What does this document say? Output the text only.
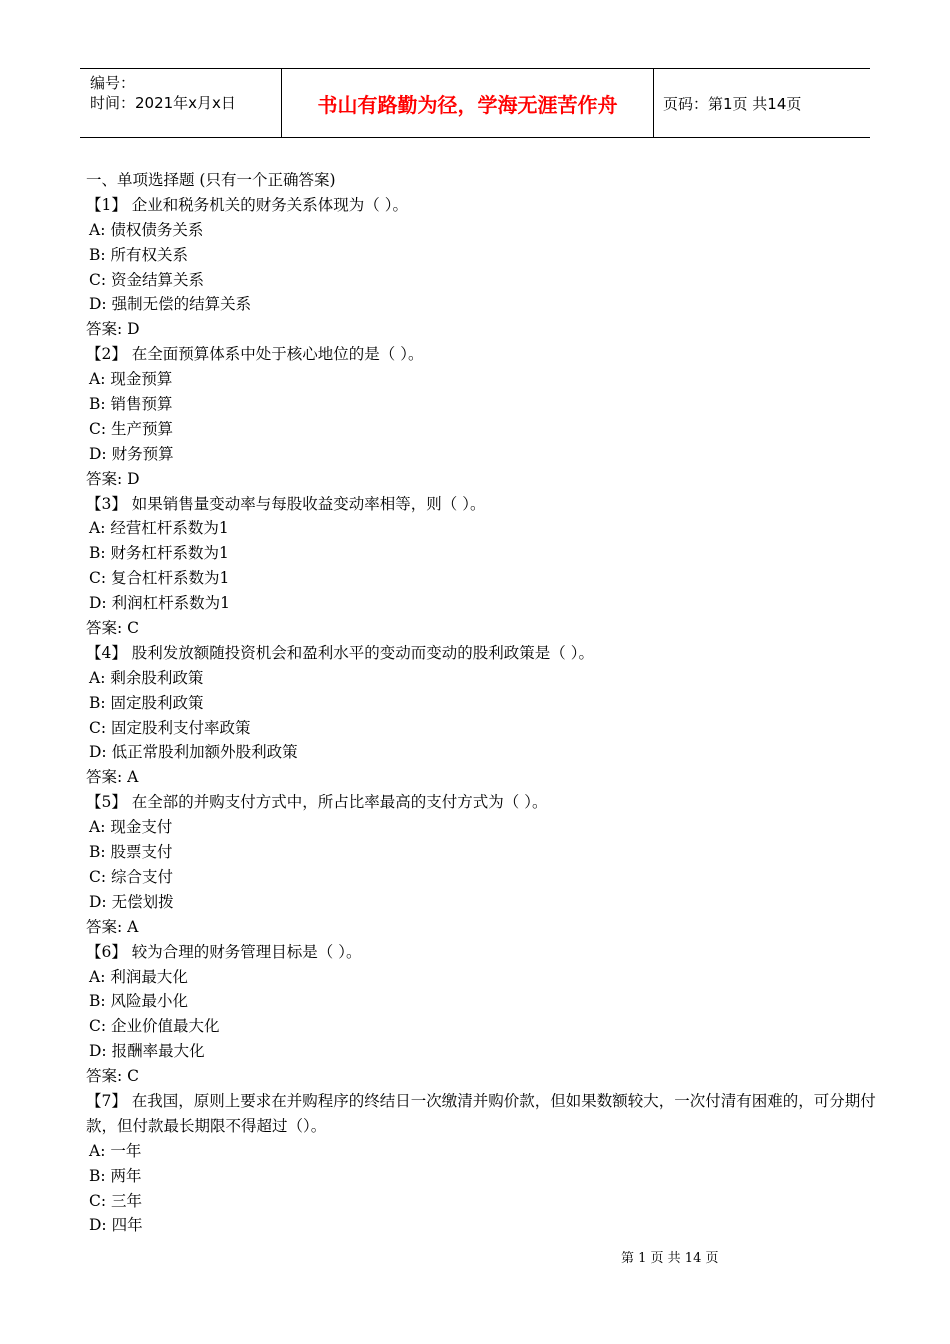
编号：
时间：2021年x月x日	书山有路勤为径，学海无涯苦作舟	页码：第1页 共14页
一、单项选择题 (只有一个正确答案)
【1】 企业和税务机关的财务关系体现为（ ）。
A: 债权债务关系
B: 所有权关系
C: 资金结算关系
D: 强制无偿的结算关系
答案: D
【2】 在全面预算体系中处于核心地位的是（ ）。
A: 现金预算
B: 销售预算
C: 生产预算
D: 财务预算
答案: D
【3】 如果销售量变动率与每股收益变动率相等，则（ ）。
A: 经营杠杆系数为1
B: 财务杠杆系数为1
C: 复合杠杆系数为1
D: 利润杠杆系数为1
答案: C
【4】 股利发放额随投资机会和盈利水平的变动而变动的股利政策是（ ）。
A: 剩余股利政策
B: 固定股利政策
C: 固定股利支付率政策
D: 低正常股利加额外股利政策
答案: A
【5】 在全部的并购支付方式中，所占比率最高的支付方式为（ ）。
A: 现金支付
B: 股票支付
C: 综合支付
D: 无偿划拨
答案: A
【6】 较为合理的财务管理目标是（ ）。
A: 利润最大化
B: 风险最小化
C: 企业价值最大化
D: 报酬率最大化
答案: C
【7】 在我国，原则上要求在并购程序的终结日一次缴清并购价款，但如果数额较大，一次付清有困难的，可分期付款，但付款最长期限不得超过（）。
A: 一年
B: 两年
C: 三年
D: 四年
第 1 页 共 14 页
